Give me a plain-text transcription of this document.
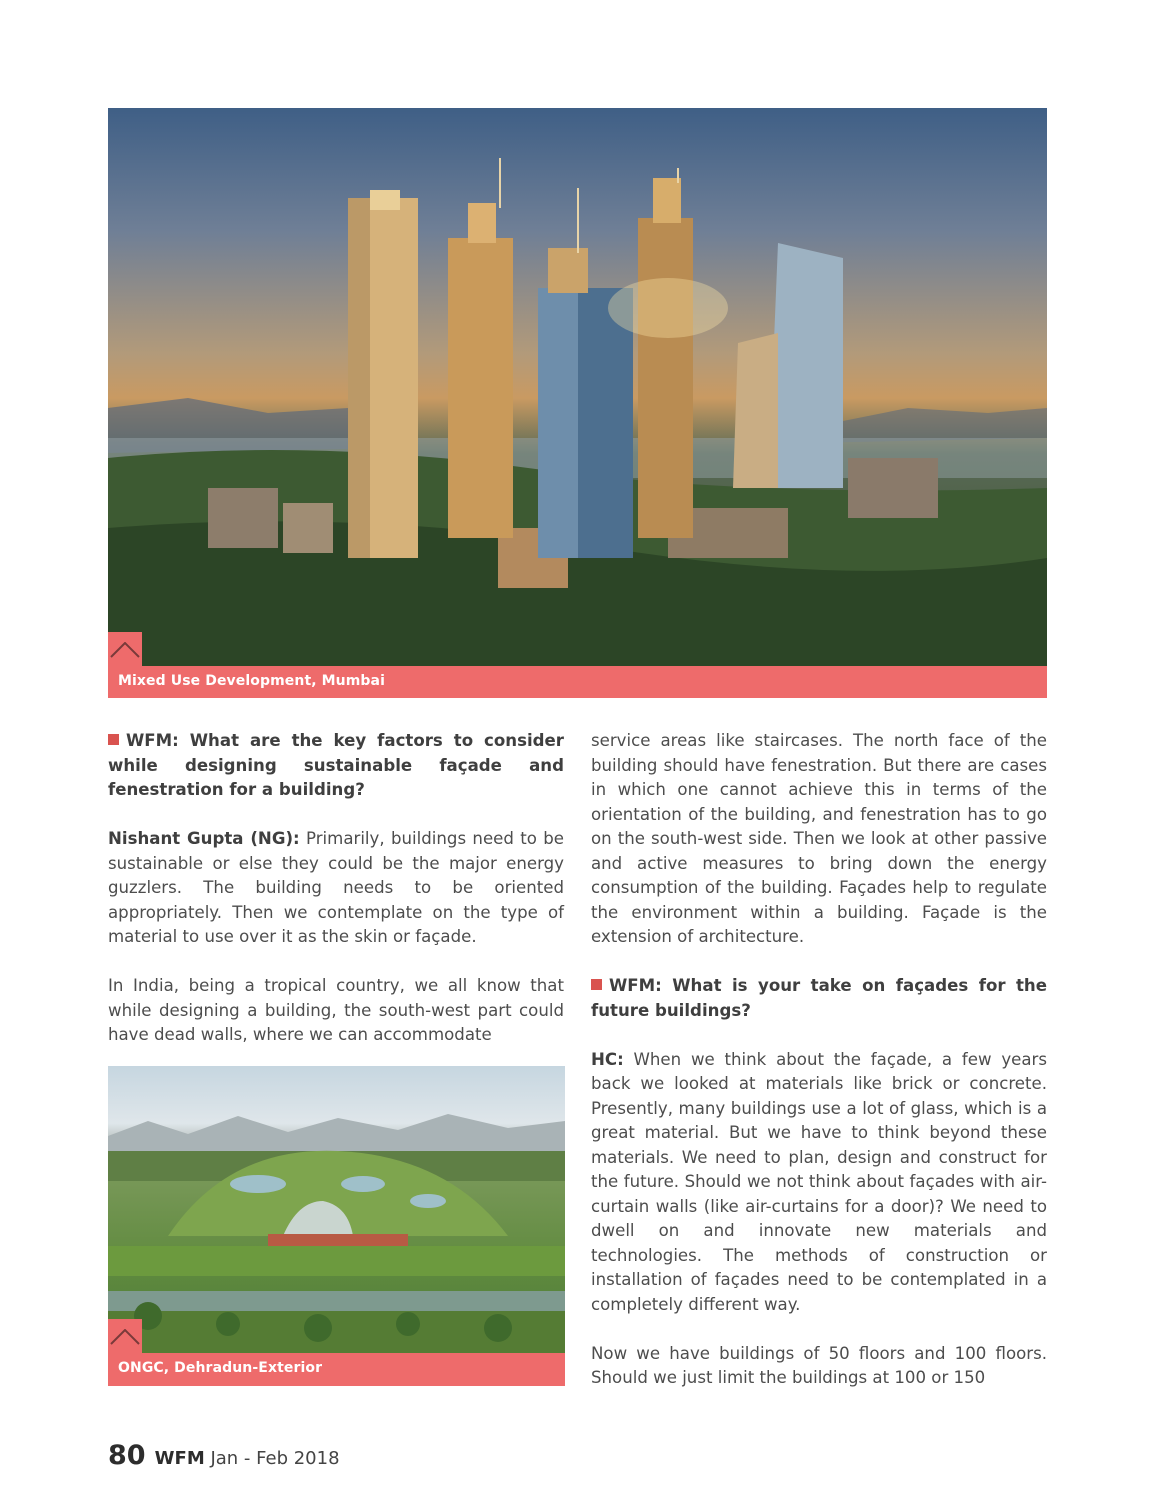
Mixed Use Development, Mumbai

WFM: What are the key factors to consider while designing sustainable façade and fenestration for a building?

Nishant Gupta (NG): Primarily, buildings need to be sustainable or else they could be the major energy guzzlers. The building needs to be oriented appropriately. Then we contemplate on the type of material to use over it as the skin or façade.

In India, being a tropical country, we all know that while designing a building, the south-west part could have dead walls, where we can accommodate

ONGC, Dehradun-Exterior

service areas like staircases. The north face of the building should have fenestration. But there are cases in which one cannot achieve this in terms of the orientation of the building, and fenestration has to go on the south-west side. Then we look at other passive and active measures to bring down the energy consumption of the building. Façades help to regulate the environment within a building. Façade is the extension of architecture.

WFM: What is your take on façades for the future buildings?

HC: When we think about the façade, a few years back we looked at materials like brick or concrete. Presently, many buildings use a lot of glass, which is a great material. But we have to think beyond these materials. We need to plan, design and construct for the future. Should we not think about façades with air-curtain walls (like air-curtains for a door)? We need to dwell on and innovate new materials and technologies. The methods of construction or installation of façades need to be contemplated in a completely different way.

Now we have buildings of 50 floors and 100 floors. Should we just limit the buildings at 100 or 150

80 WFM Jan - Feb 2018
